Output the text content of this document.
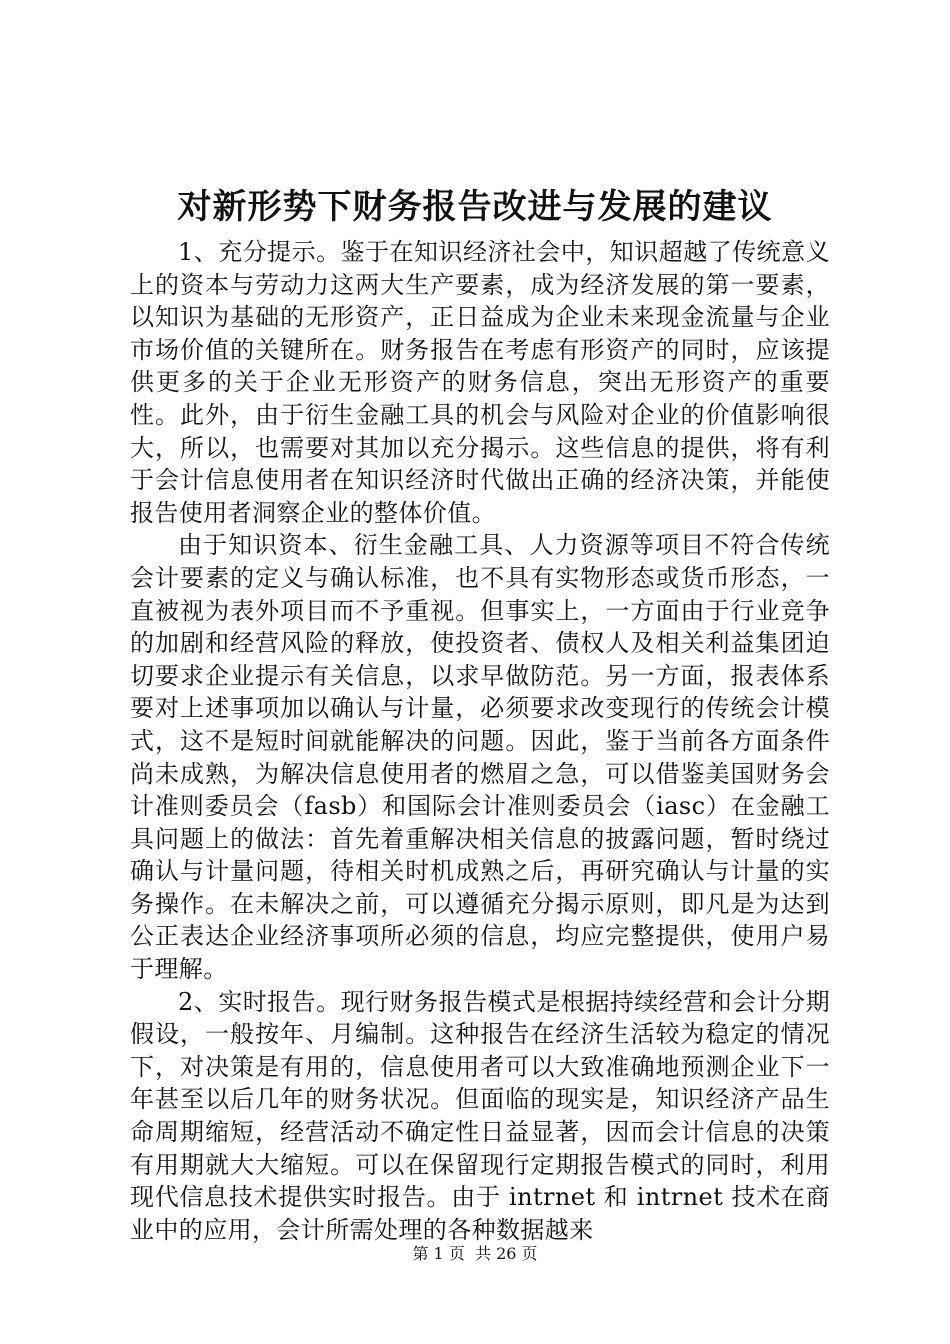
对新形势下财务报告改进与发展的建议

1、充分提示。鉴于在知识经济社会中，知识超越了传统意义上的资本与劳动力这两大生产要素，成为经济发展的第一要素，以知识为基础的无形资产，正日益成为企业未来现金流量与企业市场价值的关键所在。财务报告在考虑有形资产的同时，应该提供更多的关于企业无形资产的财务信息，突出无形资产的重要性。此外，由于衍生金融工具的机会与风险对企业的价值影响很大，所以，也需要对其加以充分揭示。这些信息的提供，将有利于会计信息使用者在知识经济时代做出正确的经济决策，并能使报告使用者洞察企业的整体价值。

由于知识资本、衍生金融工具、人力资源等项目不符合传统会计要素的定义与确认标准，也不具有实物形态或货币形态，一直被视为表外项目而不予重视。但事实上，一方面由于行业竞争的加剧和经营风险的释放，使投资者、债权人及相关利益集团迫切要求企业提示有关信息，以求早做防范。另一方面，报表体系要对上述事项加以确认与计量，必须要求改变现行的传统会计模式，这不是短时间就能解决的问题。因此，鉴于当前各方面条件尚未成熟，为解决信息使用者的燃眉之急，可以借鉴美国财务会计准则委员会（fasb）和国际会计准则委员会（iasc）在金融工具问题上的做法：首先着重解决相关信息的披露问题，暂时绕过确认与计量问题，待相关时机成熟之后，再研究确认与计量的实务操作。在未解决之前，可以遵循充分揭示原则，即凡是为达到公正表达企业经济事项所必须的信息，均应完整提供，使用户易于理解。

2、实时报告。现行财务报告模式是根据持续经营和会计分期假设，一般按年、月编制。这种报告在经济生活较为稳定的情况下，对决策是有用的，信息使用者可以大致准确地预测企业下一年甚至以后几年的财务状况。但面临的现实是，知识经济产品生命周期缩短，经营活动不确定性日益显著，因而会计信息的决策有用期就大大缩短。可以在保留现行定期报告模式的同时，利用现代信息技术提供实时报告。由于 intrnet 和 intrnet 技术在商业中的应用，会计所需处理的各种数据越来

第 1 页  共 26 页
